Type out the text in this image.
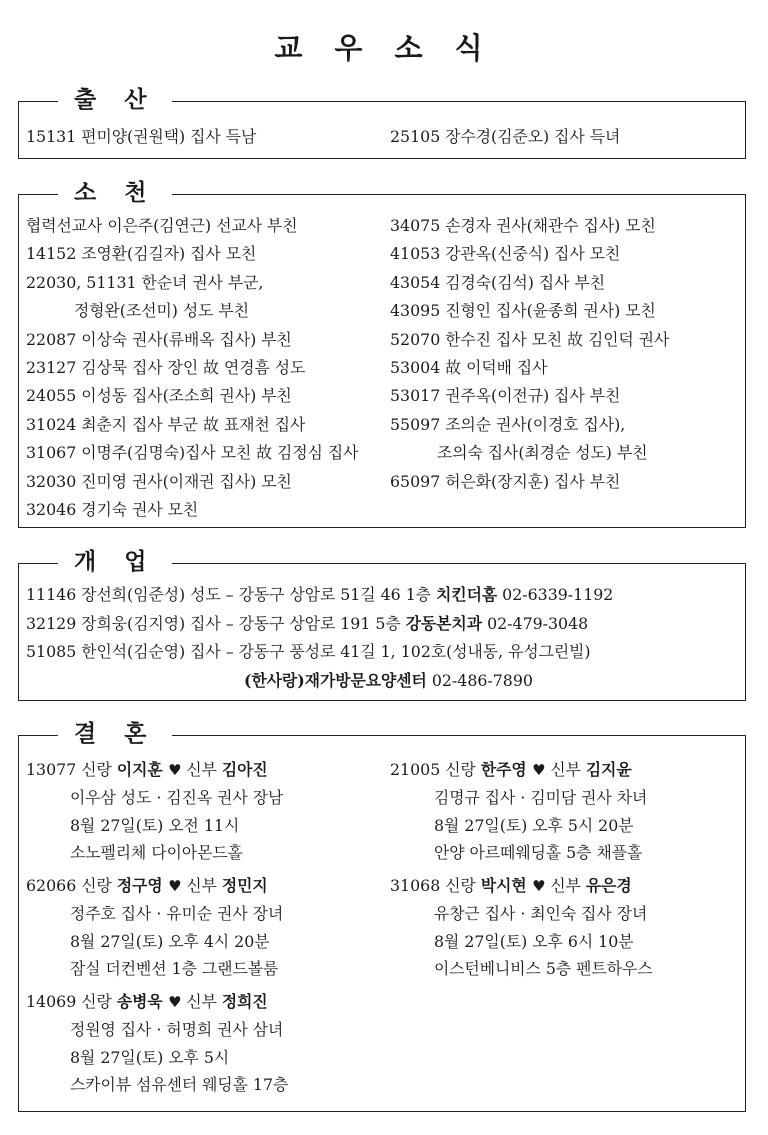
교 우 소 식
출 산
15131 편미양(권원택) 집사 득남	25105 장수경(김준오) 집사 득녀
소 천
협력선교사 이은주(김연근) 선교사 부친
14152 조영환(김길자) 집사 모친
22030, 51131 한순녀 권사 부군,
정형완(조선미) 성도 부친
22087 이상숙 권사(류배옥 집사) 부친
23127 김상묵 집사 장인 故 연경흠 성도
24055 이성동 집사(조소희 권사) 부친
31024 최춘지 집사 부군 故 표재천 집사
31067 이명주(김명숙)집사 모친 故 김정심 집사
32030 진미영 권사(이재권 집사) 모친
32046 경기숙 권사 모친
34075 손경자 권사(채관수 집사) 모친
41053 강관옥(신중식) 집사 모친
43054 김경숙(김석) 집사 부친
43095 진형인 집사(윤종희 권사) 모친
52070 한수진 집사 모친 故 김인덕 권사
53004 故 이덕배 집사
53017 권주옥(이전규) 집사 부친
55097 조의순 권사(이경호 집사),
조의숙 집사(최경순 성도) 부친
65097 허은화(장지훈) 집사 부친
개 업
11146 장선희(임준성) 성도 – 강동구 상암로 51길 46 1층 치킨더홈 02-6339-1192
32129 장희웅(김지영) 집사 – 강동구 상암로 191 5층 강동본치과 02-479-3048
51085 한인석(김순영) 집사 – 강동구 풍성로 41길 1, 102호(성내동, 유성그린빌)
(한사랑)재가방문요양센터 02-486-7890
결 혼
13077 신랑 이지훈 ♥ 신부 김아진
이우삼 성도 · 김진옥 권사 장남
8월 27일(토) 오전 11시
소노펠리체 다이아몬드홀
21005 신랑 한주영 ♥ 신부 김지윤
김명규 집사 · 김미담 권사 차녀
8월 27일(토) 오후 5시 20분
안양 아르떼웨딩홀 5층 채플홀
62066 신랑 정구영 ♥ 신부 정민지
정주호 집사 · 유미순 권사 장녀
8월 27일(토) 오후 4시 20분
잠실 더컨벤션 1층 그랜드볼룸
31068 신랑 박시현 ♥ 신부 유은경
유창근 집사 · 최인숙 집사 장녀
8월 27일(토) 오후 6시 10분
이스턴베니비스 5층 펜트하우스
14069 신랑 송병욱 ♥ 신부 정희진
정원영 집사 · 허명희 권사 삼녀
8월 27일(토) 오후 5시
스카이뷰 섬유센터 웨딩홀 17층
